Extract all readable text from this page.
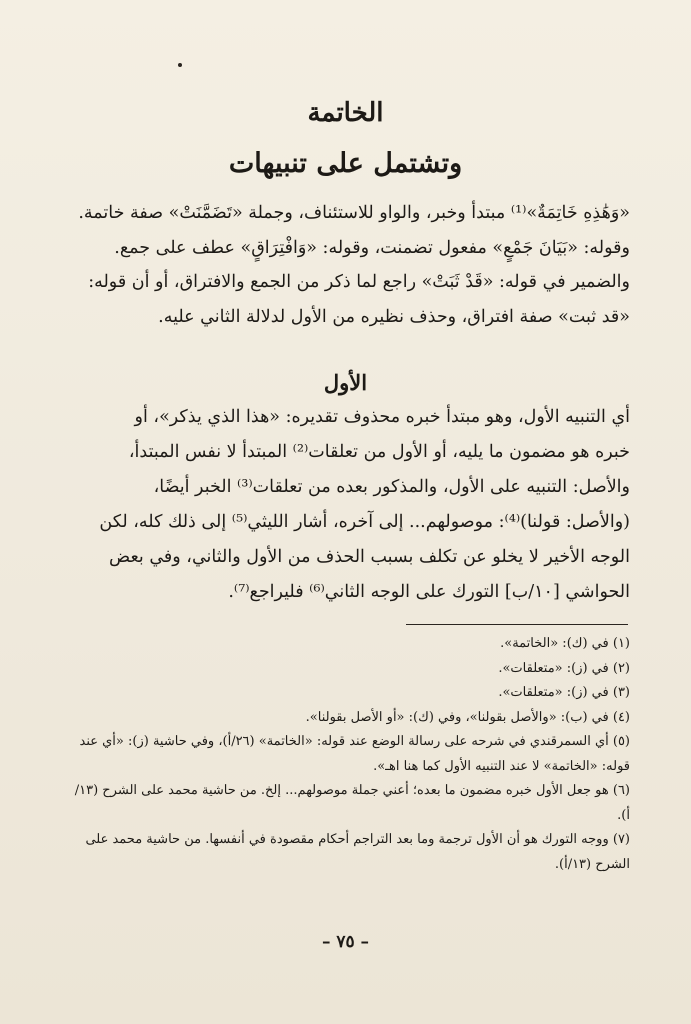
الخاتمة
وتشتمل على تنبيهات
«وَهَٰذِهِ خَاتِمَةٌ»⁽¹⁾ مبتدأ وخبر، والواو للاستئناف، وجملة «تَضَمَّنَتْ» صفة خاتمة.
وقوله: «بَيَانَ جَمْعٍ» مفعول تضمنت، وقوله: «وَافْتِرَاقٍ» عطف على جمع.
والضمير في قوله: «قَدْ ثَبَتْ» راجع لما ذكر من الجمع والافتراق، أو أن قوله:
«قد ثبت» صفة افتراق، وحذف نظيره من الأول لدلالة الثاني عليه.
الأول
أي التنبيه الأول، وهو مبتدأ خبره محذوف تقديره: «هذا الذي يذكر»، أو
خبره هو مضمون ما يليه، أو الأول من تعلقات⁽²⁾ المبتدأ لا نفس المبتدأ،
والأصل: التنبيه على الأول، والمذكور بعده من تعلقات⁽³⁾ الخبر أيضًا،
(والأصل: قولنا)⁽⁴⁾: موصولهم... إلى آخره، أشار الليثي⁽⁵⁾ إلى ذلك كله، لكن
الوجه الأخير لا يخلو عن تكلف بسبب الحذف من الأول والثاني، وفي بعض
الحواشي [١٠/ب] التورك على الوجه الثاني⁽⁶⁾ فليراجع⁽⁷⁾.
(١) في (ك): «الخاتمة».
(٢) في (ز): «متعلقات».
(٣) في (ز): «متعلقات».
(٤) في (ب): «والأصل بقولنا»، وفي (ك): «أو الأصل بقولنا».
(٥) أي السمرقندي في شرحه على رسالة الوضع عند قوله: «الخاتمة» (٢٦/أ)، وفي حاشية (ز): «أي عند قوله: «الخاتمة» لا عند التنبيه الأول كما هنا اهـ».
(٦) هو جعل الأول خبره مضمون ما بعده؛ أعني جملة موصولهم... إلخ. من حاشية محمد على الشرح (١٣/أ).
(٧) ووجه التورك هو أن الأول ترجمة وما بعد التراجم أحكام مقصودة في أنفسها. من حاشية محمد على الشرح (١٣/أ).
– ٧٥ –
